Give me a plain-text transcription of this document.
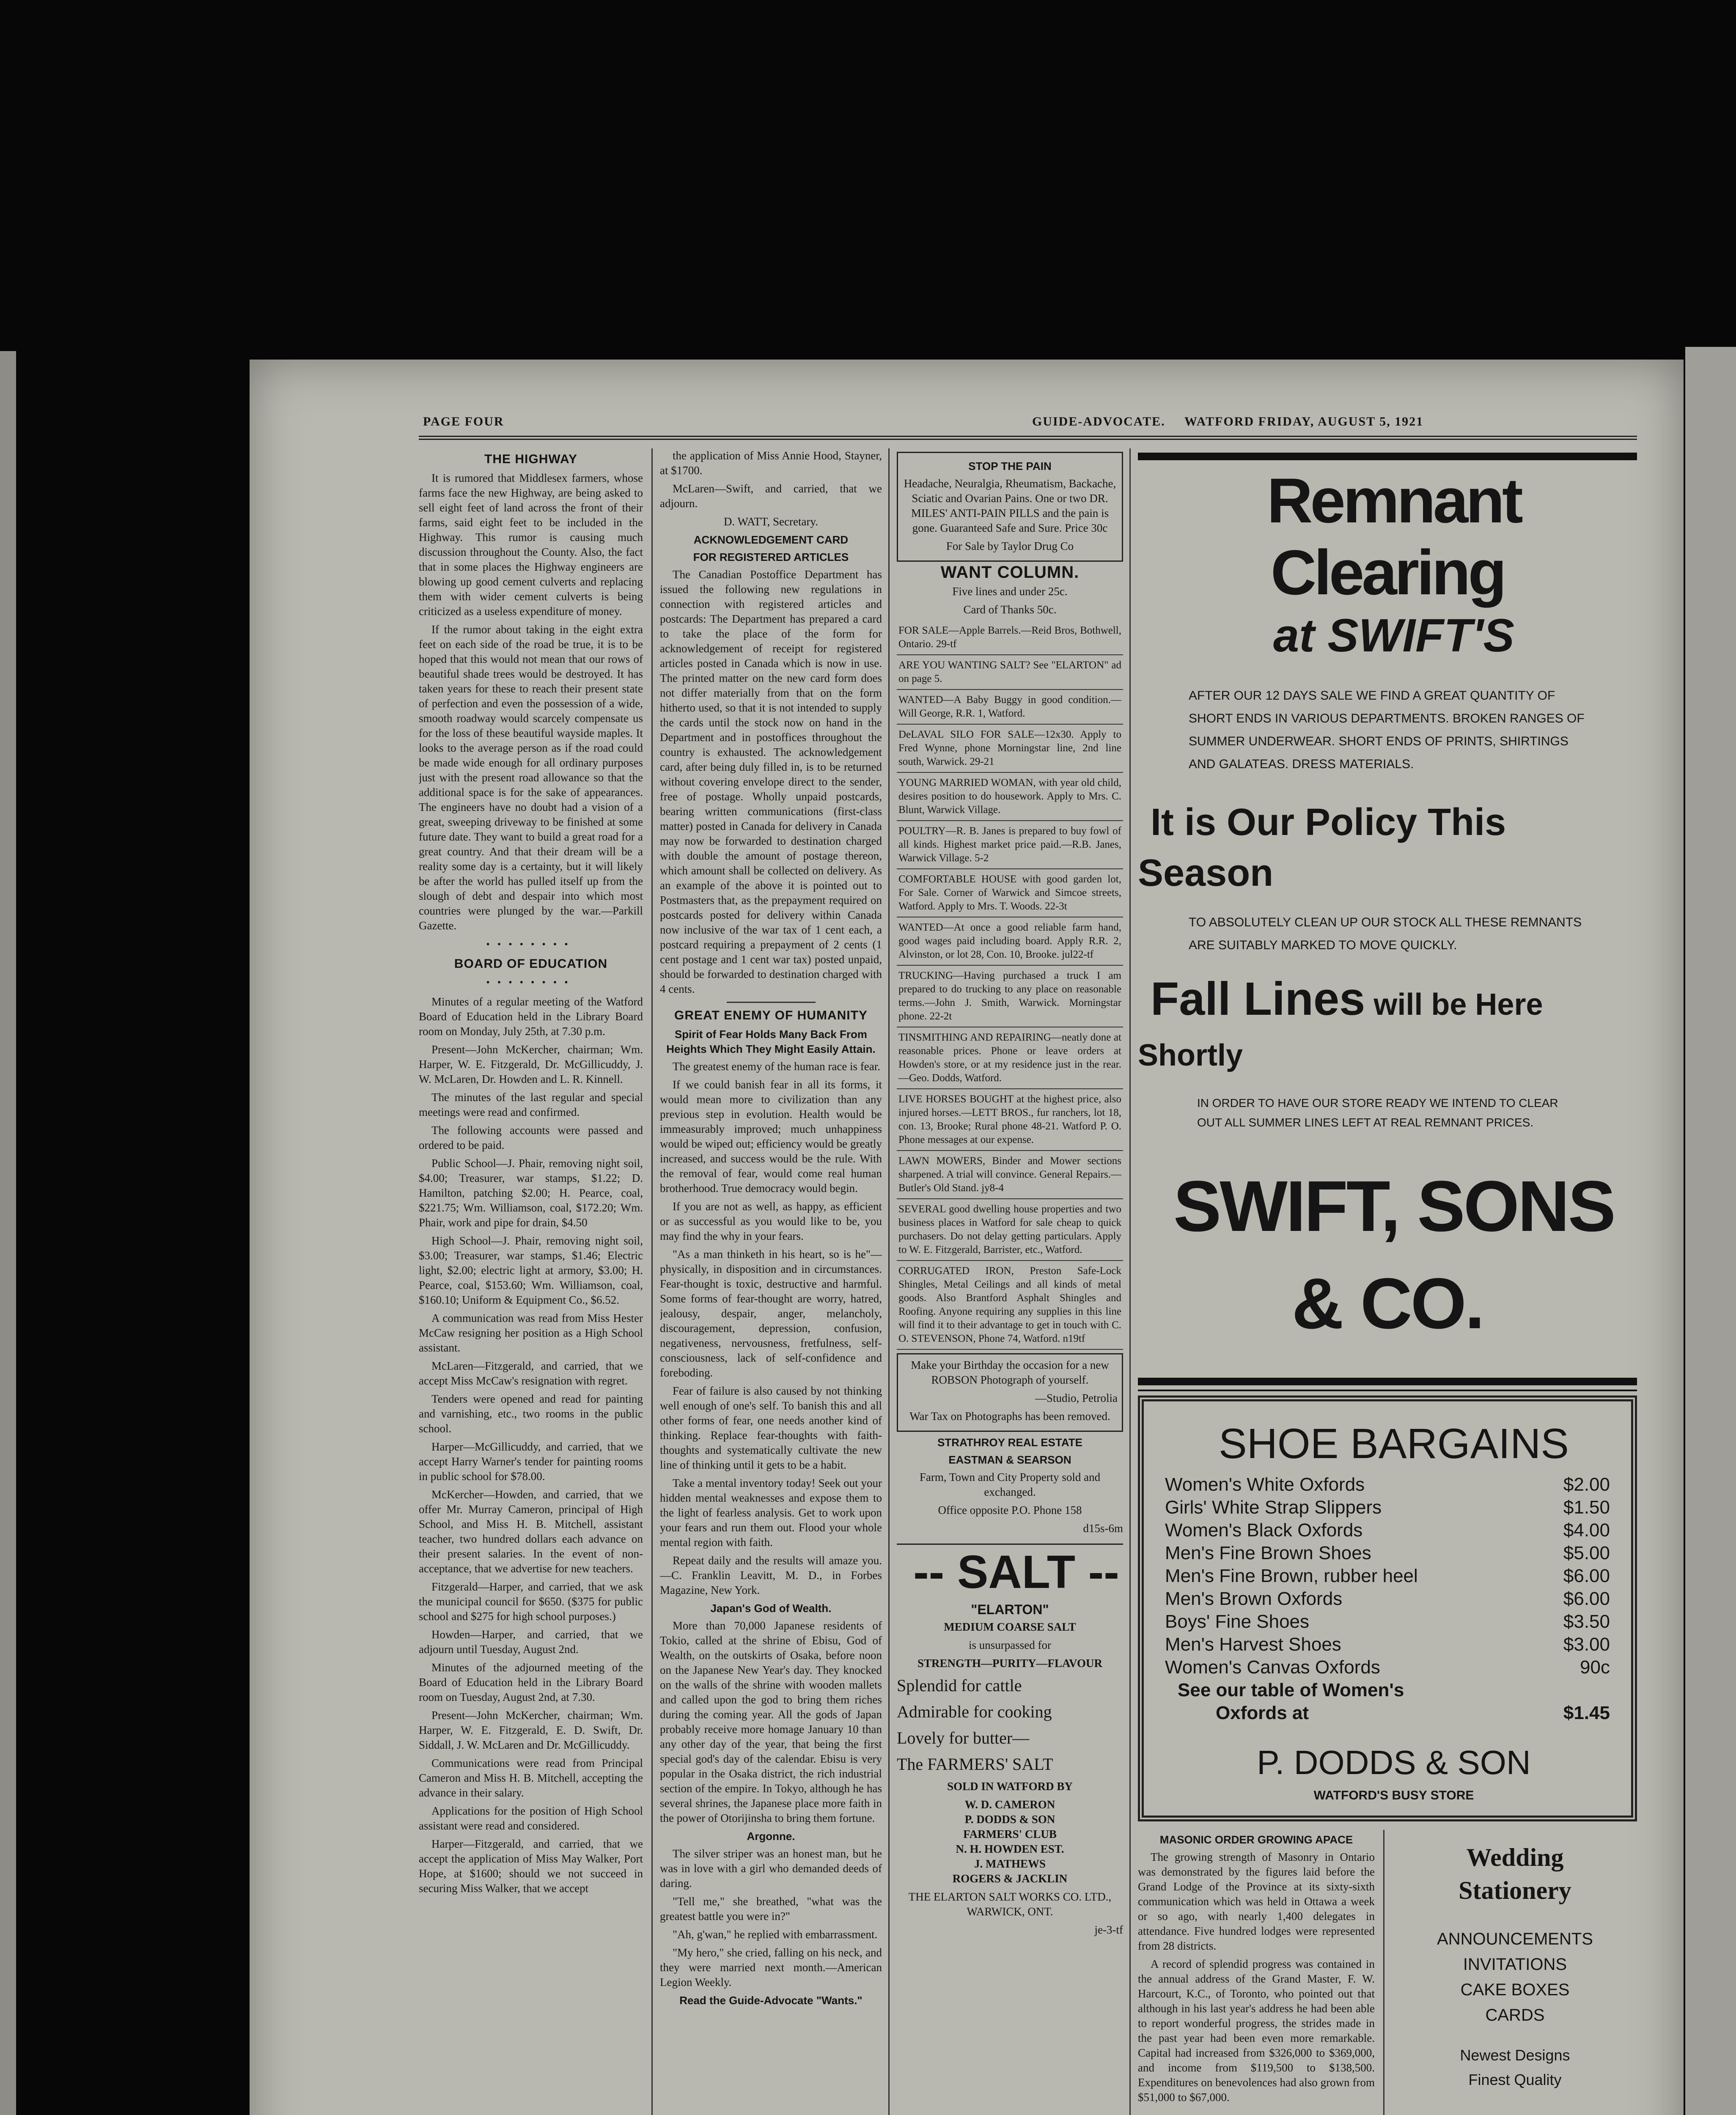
PAGE FOUR	GUIDE-ADVOCATE. WATFORD FRIDAY, AUGUST 5, 1921
THE HIGHWAY

It is rumored that Middlesex farmers, whose farms face the new Highway, are being asked to sell eight feet of land across the front of their farms, said eight feet to be included in the Highway. This rumor is causing much discussion throughout the County. Also, the fact that in some places the Highway engineers are blowing up good cement culverts and replacing them with wider cement culverts is being criticized as a useless expenditure of money.

If the rumor about taking in the eight extra feet on each side of the road be true, it is to be hoped that this would not mean that our rows of beautiful shade trees would be destroyed. It has taken years for these to reach their present state of perfection and even the possession of a wide, smooth roadway would scarcely compensate us for the loss of these beautiful wayside maples. It looks to the average person as if the road could be made wide enough for all ordinary purposes just with the present road allowance so that the additional space is for the sake of appearances. The engineers have no doubt had a vision of a great, sweeping driveway to be finished at some future date. They want to build a great road for a great country. And that their dream will be a reality some day is a certainty, but it will likely be after the world has pulled itself up from the slough of debt and despair into which most countries were plunged by the war.—Parkill Gazette.

••••••••
BOARD OF EDUCATION
••••••••

Minutes of a regular meeting of the Watford Board of Education held in the Library Board room on Monday, July 25th, at 7.30 p.m.

Present—John McKercher, chairman; Wm. Harper, W. E. Fitzgerald, Dr. McGillicuddy, J. W. McLaren, Dr. Howden and L. R. Kinnell.

The minutes of the last regular and special meetings were read and confirmed.

The following accounts were passed and ordered to be paid.

Public School—J. Phair, removing night soil, $4.00; Treasurer, war stamps, $1.22; D. Hamilton, patching $2.00; H. Pearce, coal, $221.75; Wm. Williamson, coal, $172.20; Wm. Phair, work and pipe for drain, $4.50

High School—J. Phair, removing night soil, $3.00; Treasurer, war stamps, $1.46; Electric light, $2.00; electric light at armory, $3.00; H. Pearce, coal, $153.60; Wm. Williamson, coal, $160.10; Uniform & Equipment Co., $6.52.

A communication was read from Miss Hester McCaw resigning her position as a High School assistant.

McLaren—Fitzgerald, and carried, that we accept Miss McCaw's resignation with regret.

Tenders were opened and read for painting and varnishing, etc., two rooms in the public school.

Harper—McGillicuddy, and carried, that we accept Harry Warner's tender for painting rooms in public school for $78.00.

McKercher—Howden, and carried, that we offer Mr. Murray Cameron, principal of High School, and Miss H. B. Mitchell, assistant teacher, two hundred dollars each advance on their present salaries. In the event of non-acceptance, that we advertise for new teachers.

Fitzgerald—Harper, and carried, that we ask the municipal council for $650. ($375 for public school and $275 for high school purposes.)

Howden—Harper, and carried, that we adjourn until Tuesday, August 2nd.

Minutes of the adjourned meeting of the Board of Education held in the Library Board room on Tuesday, August 2nd, at 7.30.

Present—John McKercher, chairman; Wm. Harper, W. E. Fitzgerald, E. D. Swift, Dr. Siddall, J. W. McLaren and Dr. McGillicuddy.

Communications were read from Principal Cameron and Miss H. B. Mitchell, accepting the advance in their salary.

Applications for the position of High School assistant were read and considered.

Harper—Fitzgerald, and carried, that we accept the application of Miss May Walker, Port Hope, at $1600; should we not succeed in securing Miss Walker, that we accept

the application of Miss Annie Hood, Stayner, at $1700.

McLaren—Swift, and carried, that we adjourn.

D. WATT, Secretary.

ACKNOWLEDGEMENT CARD
FOR REGISTERED ARTICLES

The Canadian Postoffice Department has issued the following new regulations in connection with registered articles and postcards: The Department has prepared a card to take the place of the form for acknowledgement of receipt for registered articles posted in Canada which is now in use. The printed matter on the new card form does not differ materially from that on the form hitherto used, so that it is not intended to supply the cards until the stock now on hand in the Department and in postoffices throughout the country is exhausted. The acknowledgement card, after being duly filled in, is to be returned without covering envelope direct to the sender, free of postage. Wholly unpaid postcards, bearing written communications (first-class matter) posted in Canada for delivery in Canada may now be forwarded to destination charged with double the amount of postage thereon, which amount shall be collected on delivery. As an example of the above it is pointed out to Postmasters that, as the prepayment required on postcards posted for delivery within Canada now inclusive of the war tax of 1 cent each, a postcard requiring a prepayment of 2 cents (1 cent postage and 1 cent war tax) posted unpaid, should be forwarded to destination charged with 4 cents.

GREAT ENEMY OF HUMANITY
Spirit of Fear Holds Many Back From Heights Which They Might Easily Attain.

The greatest enemy of the human race is fear.

If we could banish fear in all its forms, it would mean more to civilization than any previous step in evolution. Health would be immeasurably improved; much unhappiness would be wiped out; efficiency would be greatly increased, and success would be the rule. With the removal of fear, would come real human brotherhood. True democracy would begin.

If you are not as well, as happy, as efficient or as successful as you would like to be, you may find the why in your fears.

"As a man thinketh in his heart, so is he"—physically, in disposition and in circumstances. Fear-thought is toxic, destructive and harmful. Some forms of fear-thought are worry, hatred, jealousy, despair, anger, melancholy, discouragement, depression, confusion, negativeness, nervousness, fretfulness, self-consciousness, lack of self-confidence and foreboding.

Fear of failure is also caused by not thinking well enough of one's self. To banish this and all other forms of fear, one needs another kind of thinking. Replace fear-thoughts with faith-thoughts and systematically cultivate the new line of thinking until it gets to be a habit.

Take a mental inventory today! Seek out your hidden mental weaknesses and expose them to the light of fearless analysis. Get to work upon your fears and run them out. Flood your whole mental region with faith.

Repeat daily and the results will amaze you.—C. Franklin Leavitt, M. D., in Forbes Magazine, New York.

Japan's God of Wealth.

More than 70,000 Japanese residents of Tokio, called at the shrine of Ebisu, God of Wealth, on the outskirts of Osaka, before noon on the Japanese New Year's day. They knocked on the walls of the shrine with wooden mallets and called upon the god to bring them riches during the coming year. All the gods of Japan probably receive more homage January 10 than any other day of the year, that being the first special god's day of the calendar. Ebisu is very popular in the Osaka district, the rich industrial section of the empire. In Tokyo, although he has several shrines, the Japanese place more faith in the power of Otorijinsha to bring them fortune.

Argonne.

The silver striper was an honest man, but he was in love with a girl who demanded deeds of daring.

"Tell me," she breathed, "what was the greatest battle you were in?"

"Ah, g'wan," he replied with embarrassment.

"My hero," she cried, falling on his neck, and they were married next month.—American Legion Weekly.

Read the Guide-Advocate "Wants."
STOP THE PAIN

Headache, Neuralgia, Rheumatism, Backache, Sciatic and Ovarian Pains. One or two DR. MILES' ANTI-PAIN PILLS and the pain is gone. Guaranteed Safe and Sure. Price 30c

For Sale by Taylor Drug Co

WANT COLUMN.

Five lines and under 25c.

Card of Thanks 50c.

FOR SALE—Apple Barrels.—Reid Bros, Bothwell, Ontario. 29-tf

ARE YOU WANTING SALT? See "ELARTON" ad on page 5.

WANTED—A Baby Buggy in good condition.—Will George, R.R. 1, Watford.

DeLAVAL SILO FOR SALE—12x30. Apply to Fred Wynne, phone Morningstar line, 2nd line south, Warwick. 29-21

YOUNG MARRIED WOMAN, with year old child, desires position to do housework. Apply to Mrs. C. Blunt, Warwick Village.

POULTRY—R. B. Janes is prepared to buy fowl of all kinds. Highest market price paid.—R.B. Janes, Warwick Village. 5-2

COMFORTABLE HOUSE with good garden lot, For Sale. Corner of Warwick and Simcoe streets, Watford. Apply to Mrs. T. Woods. 22-3t

WANTED—At once a good reliable farm hand, good wages paid including board. Apply R.R. 2, Alvinston, or lot 28, Con. 10, Brooke. jul22-tf

TRUCKING—Having purchased a truck I am prepared to do trucking to any place on reasonable terms.—John J. Smith, Warwick. Morningstar phone. 22-2t

TINSMITHING AND REPAIRING—neatly done at reasonable prices. Phone or leave orders at Howden's store, or at my residence just in the rear.—Geo. Dodds, Watford.

LIVE HORSES BOUGHT at the highest price, also injured horses.—LETT BROS., fur ranchers, lot 18, con. 13, Brooke; Rural phone 48-21. Watford P. O. Phone messages at our expense.

LAWN MOWERS, Binder and Mower sections sharpened. A trial will convince. General Repairs.—Butler's Old Stand. jy8-4

SEVERAL good dwelling house properties and two business places in Watford for sale cheap to quick purchasers. Do not delay getting particulars. Apply to W. E. Fitzgerald, Barrister, etc., Watford.

CORRUGATED IRON, Preston Safe-Lock Shingles, Metal Ceilings and all kinds of metal goods. Also Brantford Asphalt Shingles and Roofing. Anyone requiring any supplies in this line will find it to their advantage to get in touch with C. O. STEVENSON, Phone 74, Watford. n19tf

Make your Birthday the occasion for a new ROBSON Photograph of yourself.

—Studio, Petrolia

War Tax on Photographs has been removed.

STRATHROY REAL ESTATE
EASTMAN & SEARSON

Farm, Town and City Property sold and exchanged.

Office opposite P.O. Phone 158

d15s-6m

-- SALT --

"ELARTON"

MEDIUM COARSE SALT

is unsurpassed for

STRENGTH—PURITY—FLAVOUR

Splendid for cattle

Admirable for cooking

Lovely for butter—

The FARMERS' SALT

SOLD IN WATFORD BY

W. D. CAMERON
P. DODDS & SON
FARMERS' CLUB
N. H. HOWDEN EST.
J. MATHEWS
ROGERS & JACKLIN

THE ELARTON SALT WORKS CO. LTD., WARWICK, ONT.

je-3-tf

Remnant Clearing

at SWIFT'S

AFTER OUR 12 DAYS SALE WE FIND A GREAT QUANTITY OF SHORT ENDS IN VARIOUS DEPARTMENTS. BROKEN RANGES OF SUMMER UNDERWEAR. SHORT ENDS OF PRINTS, SHIRTINGS AND GALATEAS. DRESS MATERIALS.

It is Our Policy This Season

TO ABSOLUTELY CLEAN UP OUR STOCK ALL THESE REMNANTS ARE SUITABLY MARKED TO MOVE QUICKLY.

Fall Lines will be Here Shortly

IN ORDER TO HAVE OUR STORE READY WE INTEND TO CLEAR OUT ALL SUMMER LINES LEFT AT REAL REMNANT PRICES.

SWIFT, SONS & CO.

SHOE BARGAINS

Women's White Oxfords	$2.00
Girls' White Strap Slippers	$1.50
Women's Black Oxfords	$4.00
Men's Fine Brown Shoes	$5.00
Men's Fine Brown, rubber heel	$6.00
Men's Brown Oxfords	$6.00
Boys' Fine Shoes	$3.50
Men's Harvest Shoes	$3.00
Women's Canvas Oxfords	90c
See our table of Women's
Oxfords at	$1.45

P. DODDS & SON

WATFORD'S BUSY STORE

MASONIC ORDER GROWING APACE

The growing strength of Masonry in Ontario was demonstrated by the figures laid before the Grand Lodge of the Province at its sixty-sixth communication which was held in Ottawa a week or so ago, with nearly 1,400 delegates in attendance. Five hundred lodges were represented from 28 districts.

A record of splendid progress was contained in the annual address of the Grand Master, F. W. Harcourt, K.C., of Toronto, who pointed out that although in his last year's address he had been able to report wonderful progress, the strides made in the past year had been even more remarkable. Capital had increased from $326,000 to $369,000, and income from $119,500 to $138,500. Expenditures on benevolences had also grown from $51,000 to $67,000.

Wedding

Stationery

ANNOUNCEMENTS
INVITATIONS
CAKE BOXES
CARDS

Newest Designs

Finest Quality
